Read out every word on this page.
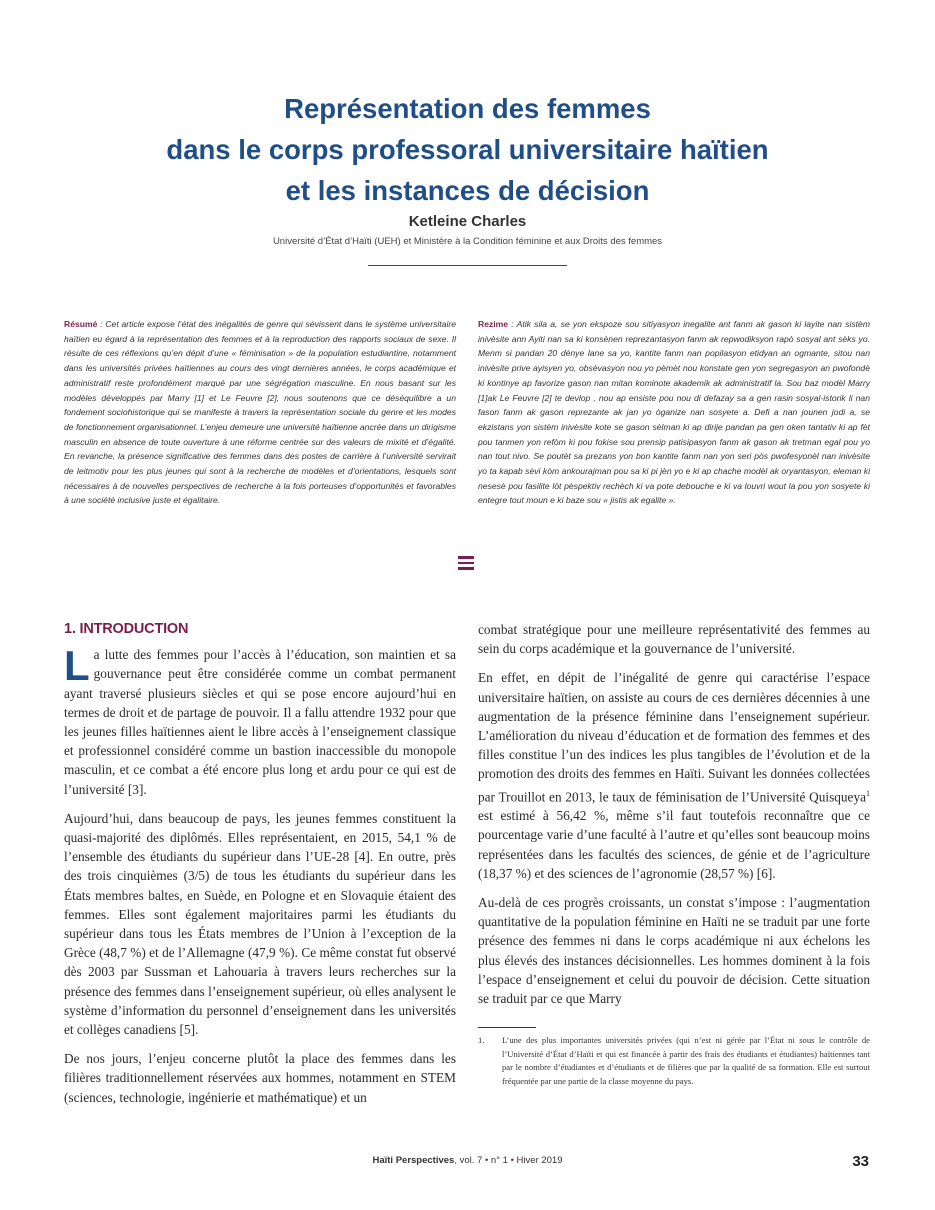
Représentation des femmes
dans le corps professoral universitaire haïtien
et les instances de décision
Ketleine Charles
Université d’État d’Haïti (UEH) et Ministère à la Condition féminine et aux Droits des femmes

Résumé : Cet article expose l’état des inégalités de genre qui sévissent dans le système universitaire haïtien eu égard à la représentation des femmes et à la reproduction des rapports sociaux de sexe. Il résulte de ces réflexions qu’en dépit d’une « féminisation » de la population estudiantine, notamment dans les universités privées haïtiennes au cours des vingt dernières années, le corps académique et administratif reste profondément marqué par une ségrégation masculine. En nous basant sur les modèles développés par Marry [1] et Le Feuvre [2], nous soutenons que ce déséquilibre a un fondement sociohistorique qui se manifeste à travers la représentation sociale du genre et les modes de fonctionnement organisationnel. L’enjeu demeure une université haïtienne ancrée dans un dirigisme masculin en absence de toute ouverture à une réforme centrée sur des valeurs de mixité et d’égalité. En revanche, la présence significative des femmes dans des postes de carrière à l’université servirait de leitmotiv pour les plus jeunes qui sont à la recherche de modèles et d’orientations, lesquels sont nécessaires à de nouvelles perspectives de recherche à la fois porteuses d’opportunités et favorables à une société inclusive juste et égalitaire.

Rezime : Atik sila a, se yon ekspoze sou sitiyasyon inegalite ant fanm ak gason ki layite nan sistèm inivèsite ann Ayiti nan sa ki konsènen reprezantasyon fanm ak repwodiksyon rapò sosyal ant sèks yo. Menm si pandan 20 dènye lane sa yo, kantite fanm nan popilasyon etidyan an ogmante, sitou nan inivèsite prive ayisyen yo, obsèvasyon nou yo pèmèt nou konstate gen yon segregasyon an pwofondè ki kontinye ap favorize gason nan mitan kominote akademik ak administratif la. Sou baz modèl Marry [1]ak Le Feuvre [2] te devlop , nou ap ensiste pou nou di defazay sa a gen rasin sosyal-istorik li nan fason fanm ak gason reprezante ak jan yo òganize nan sosyete a. Defi a nan jounen jodi a, se ekzistans yon sistèm inivèsite kote se gason sèlman ki ap dirije pandan pa gen oken tantativ ki ap fèt pou tanmen yon refòm ki pou fokise sou prensip patisipasyon fanm ak gason ak tretman egal pou yo nan tout nivo. Se poutèt sa prezans yon bon kantite fanm nan yon seri pòs pwofesyonèl nan inivèsite yo ta kapab sèvi kòm ankourajman pou sa ki pi jèn yo e ki ap chache modèl ak oryantasyon, eleman ki nesesè pou fasilite lòt pèspektiv rechèch ki va pote debouche e ki va louvri wout la pou yon sosyete ki entegre tout moun e ki baze sou « jistis ak egalite ».

1. INTRODUCTION

La lutte des femmes pour l’accès à l’éducation, son maintien et sa gouvernance peut être considérée comme un combat permanent ayant traversé plusieurs siècles et qui se pose encore aujourd’hui en termes de droit et de partage de pouvoir. Il a fallu attendre 1932 pour que les jeunes filles haïtiennes aient le libre accès à l’enseignement classique et professionnel considéré comme un bastion inaccessible du monopole masculin, et ce combat a été encore plus long et ardu pour ce qui est de l’université [3].

Aujourd’hui, dans beaucoup de pays, les jeunes femmes constituent la quasi-majorité des diplômés. Elles représentaient, en 2015, 54,1 % de l’ensemble des étudiants du supérieur dans l’UE-28 [4]. En outre, près des trois cinquièmes (3/5) de tous les étudiants du supérieur dans les États membres baltes, en Suède, en Pologne et en Slovaquie étaient des femmes. Elles sont également majoritaires parmi les étudiants du supérieur dans tous les États membres de l’Union à l’exception de la Grèce (48,7 %) et de l’Allemagne (47,9 %). Ce même constat fut observé dès 2003 par Sussman et Lahouaria à travers leurs recherches sur la présence des femmes dans l’enseignement supérieur, où elles analysent le système d’information du personnel d’enseignement dans les universités et collèges canadiens [5].

De nos jours, l’enjeu concerne plutôt la place des femmes dans les filières traditionnellement réservées aux hommes, notamment en STEM (sciences, technologie, ingénierie et mathématique) et un

combat stratégique pour une meilleure représentativité des femmes au sein du corps académique et la gouvernance de l’université.

En effet, en dépit de l’inégalité de genre qui caractérise l’espace universitaire haïtien, on assiste au cours de ces dernières décennies à une augmentation de la présence féminine dans l’enseignement supérieur. L’amélioration du niveau d’éducation et de formation des femmes et des filles constitue l’un des indices les plus tangibles de l’évolution et de la promotion des droits des femmes en Haïti. Suivant les données collectées par Trouillot en 2013, le taux de féminisation de l’Université Quisqueya$^1$ est estimé à 56,42 %, même s’il faut toutefois reconnaître que ce pourcentage varie d’une faculté à l’autre et qu’elles sont beaucoup moins représentées dans les facultés des sciences, de génie et de l’agriculture (18,37 %) et des sciences de l’agronomie (28,57 %) [6].

Au-delà de ces progrès croissants, un constat s’impose : l’augmentation quantitative de la population féminine en Haïti ne se traduit par une forte présence des femmes ni dans le corps académique ni aux échelons les plus élevés des instances décisionnelles. Les hommes dominent à la fois l’espace d’enseignement et celui du pouvoir de décision. Cette situation se traduit par ce que Marry

1.	L’une des plus importantes universités privées (qui n’est ni gérée par l’État ni sous le contrôle de l’Université d’État d’Haïti et qui est financée à partir des frais des étudiants et étudiantes) haïtiennes tant par le nombre d’étudiantes et d’étudiants et de filières que par la qualité de sa formation. Elle est surtout fréquentée par une partie de la classe moyenne du pays.
Haïti Perspectives, vol. 7 • n° 1 • Hiver 2019	33
